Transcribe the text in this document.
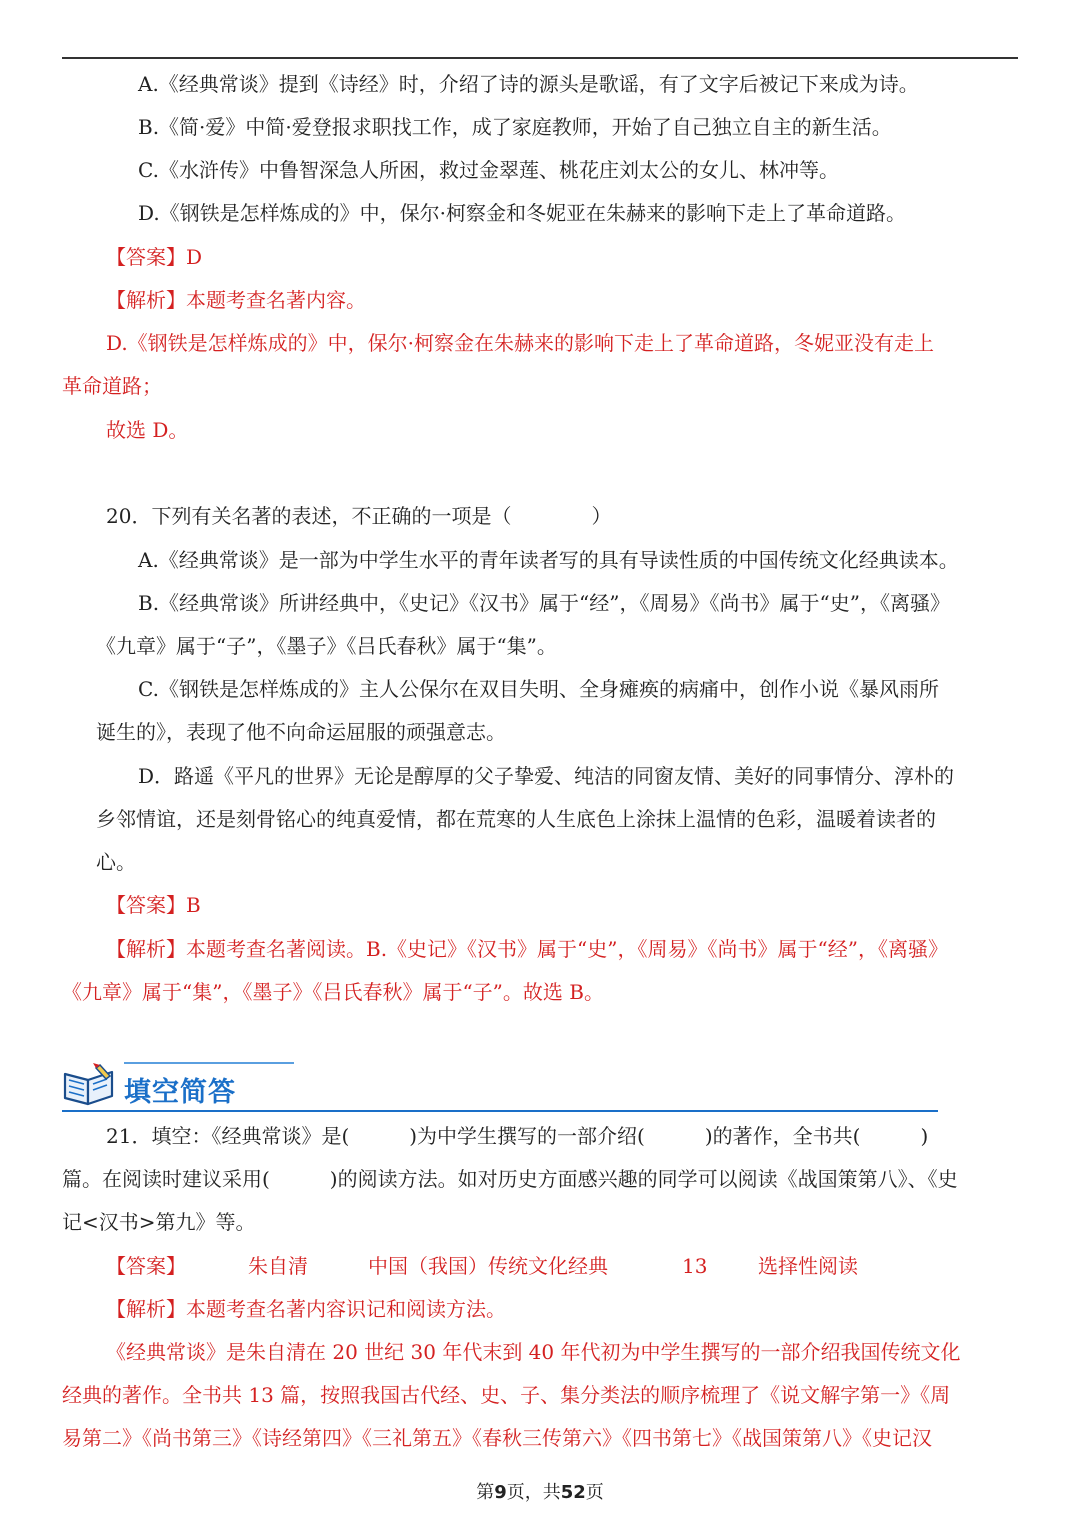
A.《经典常谈》提到《诗经》时，介绍了诗的源头是歌谣，有了文字后被记下来成为诗。
B.《简·爱》中简·爱登报求职找工作，成了家庭教师，开始了自己独立自主的新生活。
C.《水浒传》中鲁智深急人所困，救过金翠莲、桃花庄刘太公的女儿、林冲等。
D.《钢铁是怎样炼成的》中，保尔·柯察金和冬妮亚在朱赫来的影响下走上了革命道路。
【答案】D
【解析】本题考查名著内容。
D.《钢铁是怎样炼成的》中，保尔·柯察金在朱赫来的影响下走上了革命道路，冬妮亚没有走上
革命道路；
故选 D。
20．下列有关名著的表述，不正确的一项是（　　　　）
A.《经典常谈》是一部为中学生水平的青年读者写的具有导读性质的中国传统文化经典读本。
B.《经典常谈》所讲经典中，《史记》《汉书》属于“经”，《周易》《尚书》属于“史”，《离骚》
《九章》属于“子”，《墨子》《吕氏春秋》属于“集”。
C.《钢铁是怎样炼成的》主人公保尔在双目失明、全身瘫痪的病痛中，创作小说《暴风雨所
诞生的》，表现了他不向命运屈服的顽强意志。
D．路遥《平凡的世界》无论是醇厚的父子挚爱、纯洁的同窗友情、美好的同事情分、淳朴的
乡邻情谊，还是刻骨铭心的纯真爱情，都在荒寒的人生底色上涂抹上温情的色彩，温暖着读者的
心。
【答案】B
【解析】本题考查名著阅读。B.《史记》《汉书》属于“史”，《周易》《尚书》属于“经”，《离骚》
《九章》属于“集”，《墨子》《吕氏春秋》属于“子”。故选 B。
填空简答
21．填空：《经典常谈》是(　　　)为中学生撰写的一部介绍(　　　)的著作，全书共(　　　)
篇。在阅读时建议采用(　　　)的阅读方法。如对历史方面感兴趣的同学可以阅读《战国策第八》、《史
记<汉书>第九》等。
【答案】	朱自清	中国（我国）传统文化经典	13	选择性阅读
【解析】本题考查名著内容识记和阅读方法。
《经典常谈》是朱自清在 20 世纪 30 年代末到 40 年代初为中学生撰写的一部介绍我国传统文化
经典的著作。全书共 13 篇，按照我国古代经、史、子、集分类法的顺序梳理了《说文解字第一》《周
易第二》《尚书第三》《诗经第四》《三礼第五》《春秋三传第六》《四书第七》《战国策第八》《史记汉
第9页，共52页
